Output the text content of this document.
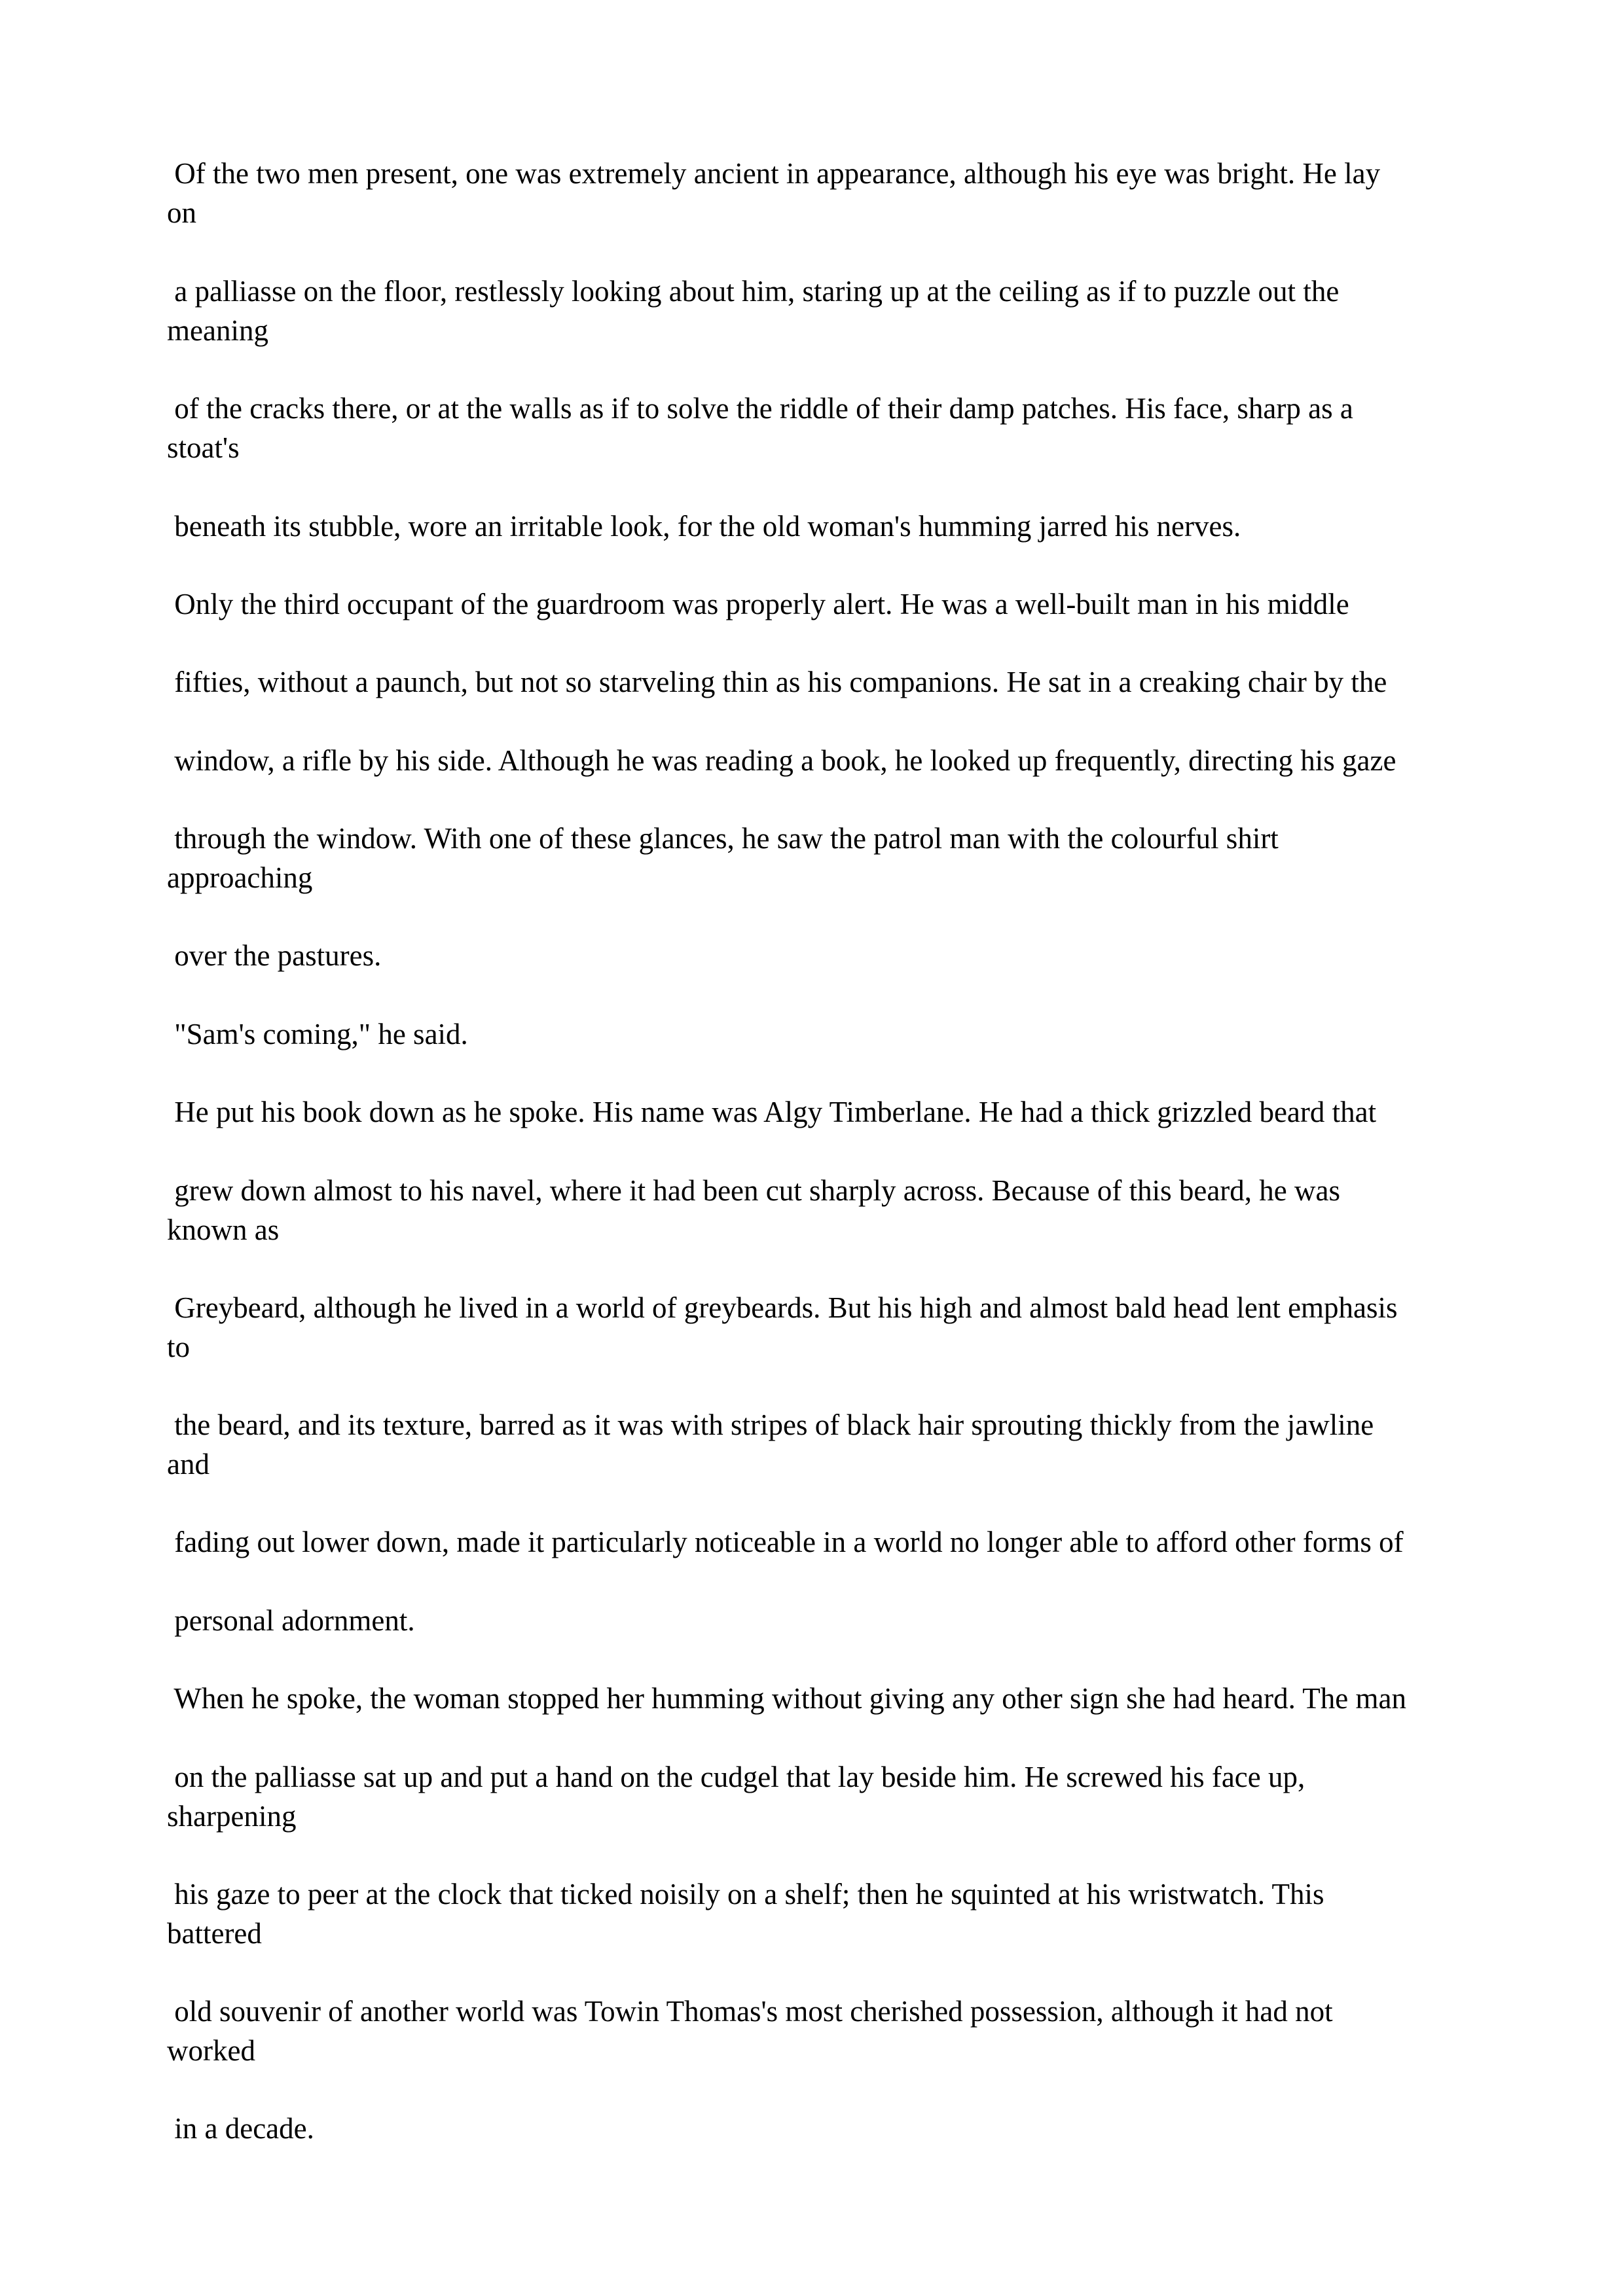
Of the two men present, one was extremely ancient in appearance, although his eye was bright. He lay

on

a palliasse on the floor, restlessly looking about him, staring up at the ceiling as if to puzzle out the

meaning

of the cracks there, or at the walls as if to solve the riddle of their damp patches. His face, sharp as a

stoat's

beneath its stubble, wore an irritable look, for the old woman's humming jarred his nerves.

Only the third occupant of the guardroom was properly alert. He was a well-built man in his middle

fifties, without a paunch, but not so starveling thin as his companions. He sat in a creaking chair by the

window, a rifle by his side. Although he was reading a book, he looked up frequently, directing his gaze

through the window. With one of these glances, he saw the patrol man with the colourful shirt

approaching

over the pastures.

"Sam's coming," he said.

He put his book down as he spoke. His name was Algy Timberlane. He had a thick grizzled beard that

grew down almost to his navel, where it had been cut sharply across. Because of this beard, he was

known as

Greybeard, although he lived in a world of greybeards. But his high and almost bald head lent emphasis

to

the beard, and its texture, barred as it was with stripes of black hair sprouting thickly from the jawline

and

fading out lower down, made it particularly noticeable in a world no longer able to afford other forms of

personal adornment.

When he spoke, the woman stopped her humming without giving any other sign she had heard. The man

on the palliasse sat up and put a hand on the cudgel that lay beside him. He screwed his face up,

sharpening

his gaze to peer at the clock that ticked noisily on a shelf; then he squinted at his wristwatch. This

battered

old souvenir of another world was Towin Thomas's most cherished possession, although it had not

worked

in a decade.
